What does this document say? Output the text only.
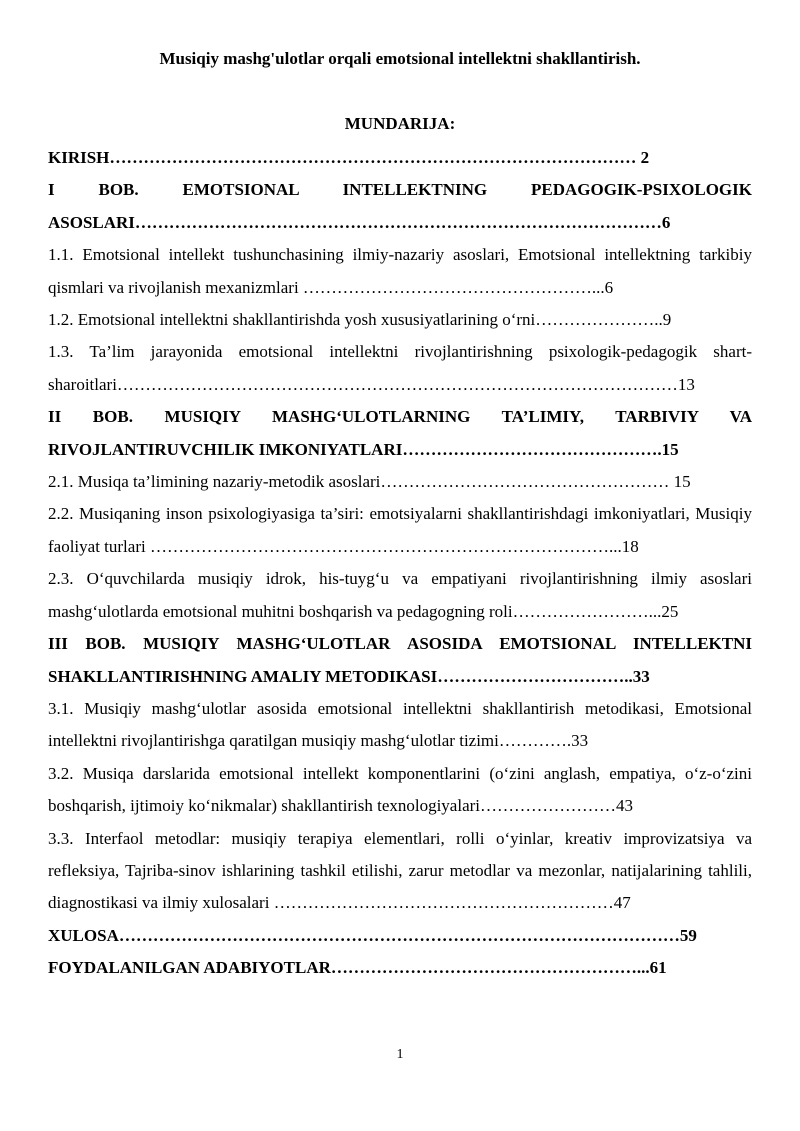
Musiqiy mashg'ulotlar orqali emotsional intellektni shakllantirish.
MUNDARIJA:

KIRISH………………………………………………………………………………… 2

I BOB. EMOTSIONAL INTELLEKTNING PEDAGOGIK-PSIXOLOGIK ASOSLARI…………………………………………………………………………………6

1.1. Emotsional intellekt tushunchasining ilmiy-nazariy asoslari, Emotsional intellektning tarkibiy qismlari va rivojlanish mexanizmlari ……………………………………………...6

1.2. Emotsional intellektni shakllantirishda yosh xususiyatlarining o‘rni…………………..9

1.3. Ta’lim jarayonida emotsional intellektni rivojlantirishning psixologik-pedagogik shart-sharoitlari………………………………………………………………………………………13

II BOB. MUSIQIY MASHG‘ULOTLARNING TA’LIMIY, TARBIVIY VA RIVOJLANTIRUVCHILIK IMKONIYATLARI……………………………………….15

2.1. Musiqa ta’limining nazariy-metodik asoslari…………………………………………… 15

2.2. Musiqaning inson psixologiyasiga ta’siri: emotsiyalarni shakllantirishdagi imkoniyatlari, Musiqiy faoliyat turlari ………………………………………………………………………...18

2.3. O‘quvchilarda musiqiy idrok, his-tuyg‘u va empatiyani rivojlantirishning ilmiy asoslari mashg‘ulotlarda emotsional muhitni boshqarish va pedagogning roli……………………...25

III BOB. MUSIQIY MASHG‘ULOTLAR ASOSIDA EMOTSIONAL INTELLEKTNI SHAKLLANTIRISHNING AMALIY METODIKASI……………………………..33

3.1. Musiqiy mashg‘ulotlar asosida emotsional intellektni shakllantirish metodikasi, Emotsional intellektni rivojlantirishga qaratilgan musiqiy mashg‘ulotlar tizimi………….33

3.2. Musiqa darslarida emotsional intellekt komponentlarini (o‘zini anglash, empatiya, o‘z-o‘zini boshqarish, ijtimoiy ko‘nikmalar) shakllantirish texnologiyalari……………………43

3.3. Interfaol metodlar: musiqiy terapiya elementlari, rolli o‘yinlar, kreativ improvizatsiya va refleksiya, Tajriba-sinov ishlarining tashkil etilishi, zarur metodlar va mezonlar, natijalarining tahlili, diagnostikasi va ilmiy xulosalari ……………………………………………………47

XULOSA………………………………………………………………………………………59

FOYDALANILGAN ADABIYOTLAR………………………………………………...61

1
